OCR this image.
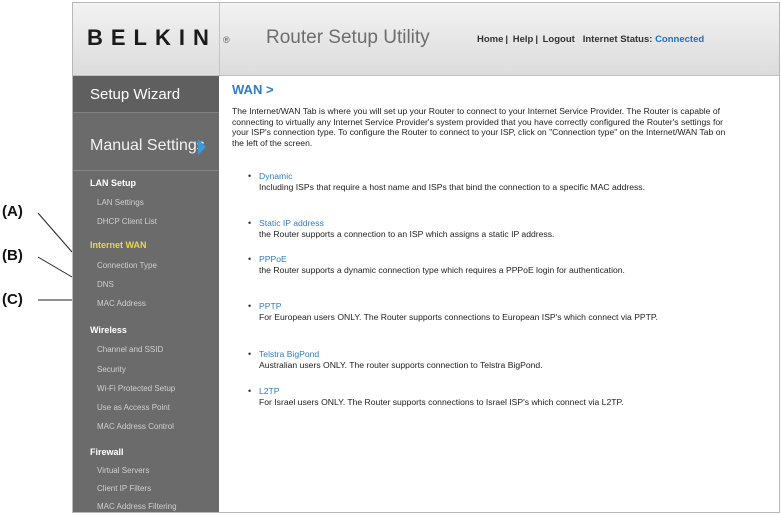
(A)
(B)
(C)
BELKIN ® Router Setup Utility	Home | Help | Logout Internet Status: Connected
Setup Wizard
Manual Settings
LAN Setup
LAN Settings
DHCP Client List
Internet WAN
Connection Type
DNS
MAC Address
Wireless
Channel and SSID
Security
Wi-Fi Protected Setup
Use as Access Point
MAC Address Control
Firewall
Virtual Servers
Client IP Filters
MAC Address Filtering
WAN >
The Internet/WAN Tab is where you will set up your Router to connect to your Internet Service Provider. The Router is capable of connecting to virtually any Internet Service Provider's system provided that you have correctly configured the Router's settings for your ISP's connection type. To configure the Router to connect to your ISP, click on "Connection type" on the Internet/WAN Tab on the left of the screen.
• Dynamic
Including ISPs that require a host name and ISPs that bind the connection to a specific MAC address.
• Static IP address
the Router supports a connection to an ISP which assigns a static IP address.
• PPPoE
the Router supports a dynamic connection type which requires a PPPoE login for authentication.
• PPTP
For European users ONLY. The Router supports connections to European ISP's which connect via PPTP.
• Telstra BigPond
Australian users ONLY. The router supports connection to Telstra BigPond.
• L2TP
For Israel users ONLY. The Router supports connections to Israel ISP's which connect via L2TP.
